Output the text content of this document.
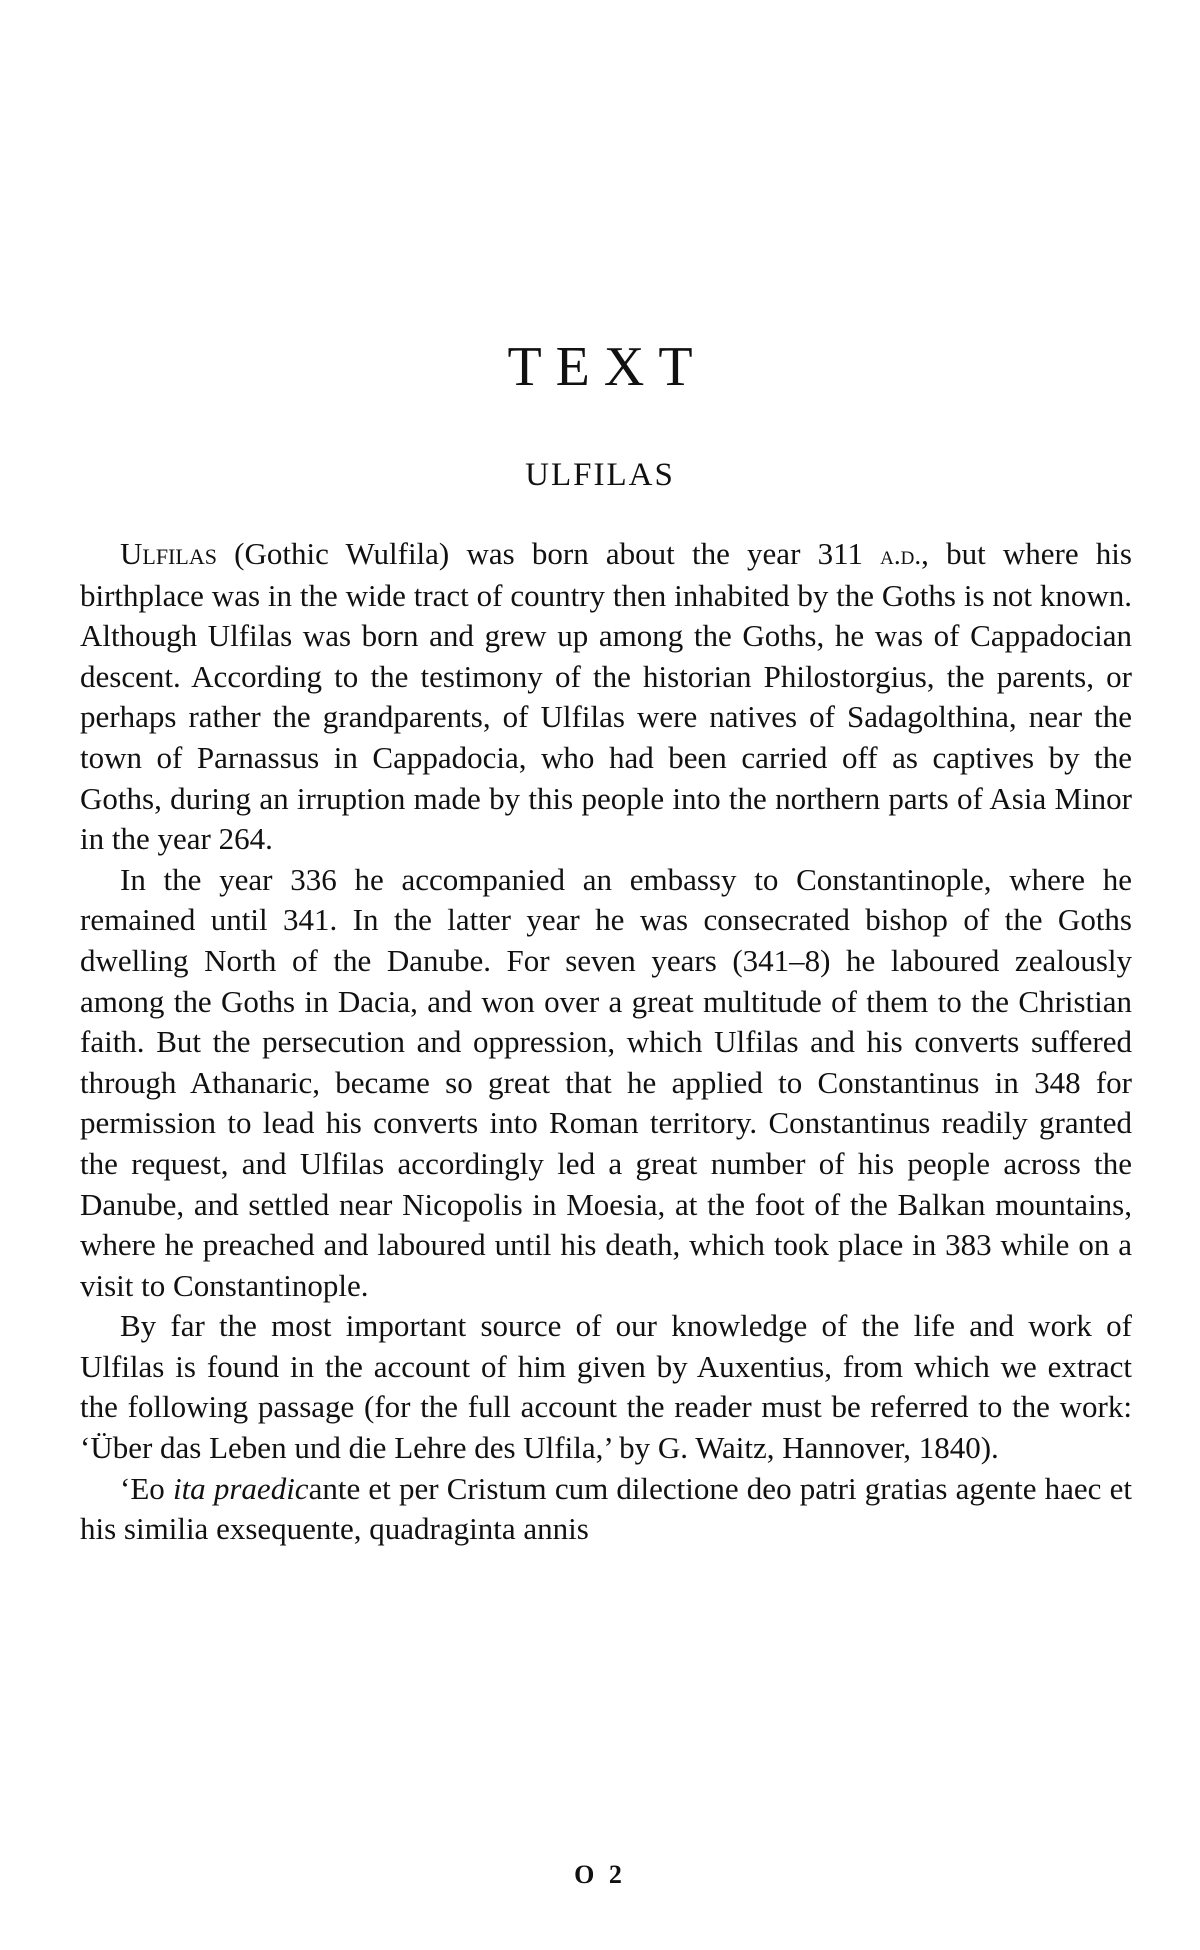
TEXT
ULFILAS

Ulfilas (Gothic Wulfila) was born about the year 311 a.d., but where his birthplace was in the wide tract of country then inhabited by the Goths is not known. Although Ulfilas was born and grew up among the Goths, he was of Cappadocian descent. According to the testimony of the historian Philostorgius, the parents, or perhaps rather the grandparents, of Ulfilas were natives of Sadagolthina, near the town of Parnassus in Cappadocia, who had been carried off as captives by the Goths, during an irruption made by this people into the northern parts of Asia Minor in the year 264.

In the year 336 he accompanied an embassy to Constantinople, where he remained until 341. In the latter year he was consecrated bishop of the Goths dwelling North of the Danube. For seven years (341–8) he laboured zealously among the Goths in Dacia, and won over a great multitude of them to the Christian faith. But the persecution and oppression, which Ulfilas and his converts suffered through Athanaric, became so great that he applied to Constantinus in 348 for permission to lead his converts into Roman territory. Constantinus readily granted the request, and Ulfilas accordingly led a great number of his people across the Danube, and settled near Nicopolis in Moesia, at the foot of the Balkan mountains, where he preached and laboured until his death, which took place in 383 while on a visit to Constantinople.

By far the most important source of our knowledge of the life and work of Ulfilas is found in the account of him given by Auxentius, from which we extract the following passage (for the full account the reader must be referred to the work: ‘Über das Leben und die Lehre des Ulfila,’ by G. Waitz, Hannover, 1840).

‘Eo ita praedicante et per Cristum cum dilectione deo patri gratias agente haec et his similia exsequente, quadraginta annis

O 2
